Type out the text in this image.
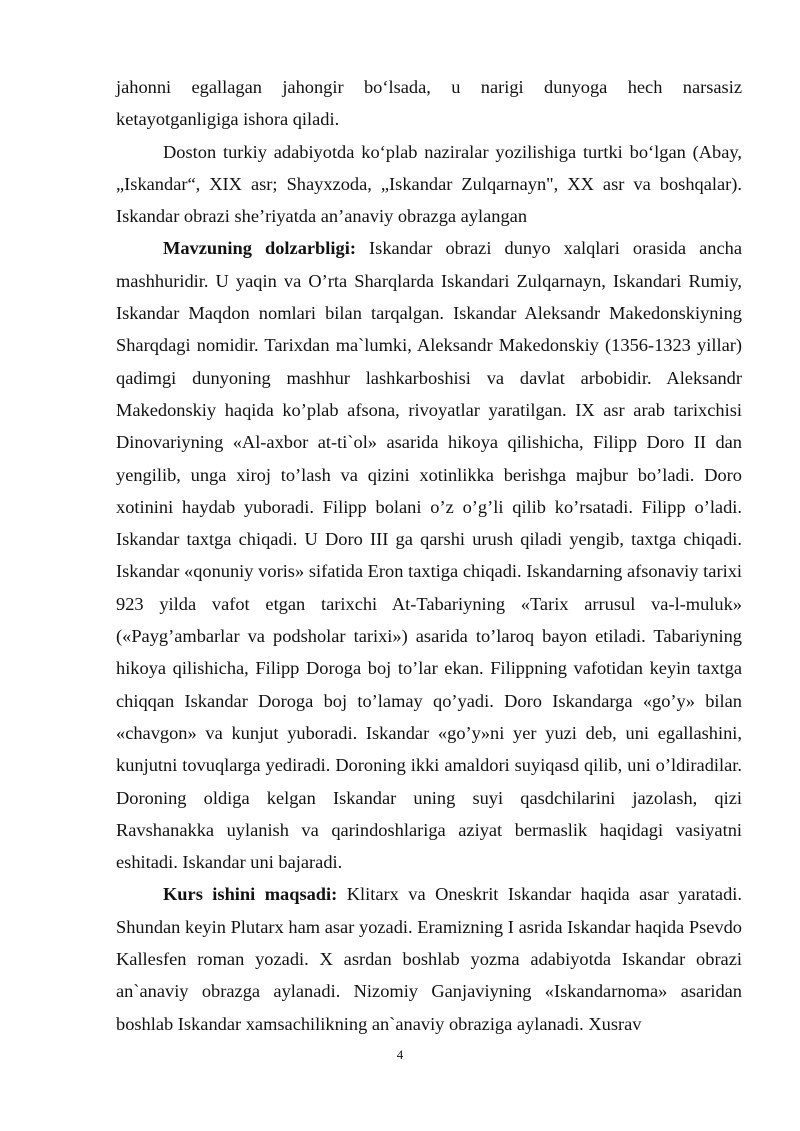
jahonni egallagan jahongir bo‘lsada, u narigi dunyoga hech narsasiz ketayotganligiga ishora qiladi.

Doston turkiy adabiyotda ko‘plab naziralar yozilishiga turtki bo‘lgan (Abay, „Iskandar“, XIX asr; Shayxzoda, „Iskandar Zulqarnayn", XX asr va boshqalar). Iskandar obrazi she’riyatda an’anaviy obrazga aylangan

Mavzuning dolzarbligi: Iskandar obrazi dunyo xalqlari orasida ancha mashhuridir. U yaqin va O’rta Sharqlarda Iskandari Zulqarnayn, Iskandari Rumiy, Iskandar Maqdon nomlari bilan tarqalgan. Iskandar Aleksandr Makedonskiyning Sharqdagi nomidir. Tarixdan ma`lumki, Aleksandr Makedonskiy (1356-1323 yillar) qadimgi dunyoning mashhur lashkarboshisi va davlat arbobidir. Aleksandr Makedonskiy haqida ko’plab afsona, rivoyatlar yaratilgan. IX asr arab tarixchisi Dinovariyning «Al-axbor at-ti`ol» asarida hikoya qilishicha, Filipp Doro II dan yengilib, unga xiroj to’lash va qizini xotinlikka berishga majbur bo’ladi. Doro xotinini haydab yuboradi. Filipp bolani o’z o’g’li qilib ko’rsatadi. Filipp o’ladi. Iskandar taxtga chiqadi. U Doro III ga qarshi urush qiladi yengib, taxtga chiqadi. Iskandar «qonuniy voris» sifatida Eron taxtiga chiqadi. Iskandarning afsonaviy tarixi 923 yilda vafot etgan tarixchi At-Tabariyning «Tarix arrusul va-l-muluk» («Payg’ambarlar va podsholar tarixi») asarida to’laroq bayon etiladi. Tabariyning hikoya qilishicha, Filipp Doroga boj to’lar ekan. Filippning vafotidan keyin taxtga chiqqan Iskandar Doroga boj to’lamay qo’yadi. Doro Iskandarga «go’y» bilan «chavgon» va kunjut yuboradi. Iskandar «go’y»ni yer yuzi deb, uni egallashini, kunjutni tovuqlarga yediradi. Doroning ikki amaldori suyiqasd qilib, uni o’ldiradilar. Doroning oldiga kelgan Iskandar uning suyi qasdchilarini jazolash, qizi Ravshanakka uylanish va qarindoshlariga aziyat bermaslik haqidagi vasiyatni eshitadi. Iskandar uni bajaradi.

Kurs ishini maqsadi: Klitarx va Oneskrit Iskandar haqida asar yaratadi. Shundan keyin Plutarx ham asar yozadi. Eramizning I asrida Iskandar haqida Psevdo Kallesfen roman yozadi. X asrdan boshlab yozma adabiyotda Iskandar obrazi an`anaviy obrazga aylanadi. Nizomiy Ganjaviyning «Iskandarnoma» asaridan boshlab Iskandar xamsachilikning an`anaviy obraziga aylanadi. Xusrav

4
